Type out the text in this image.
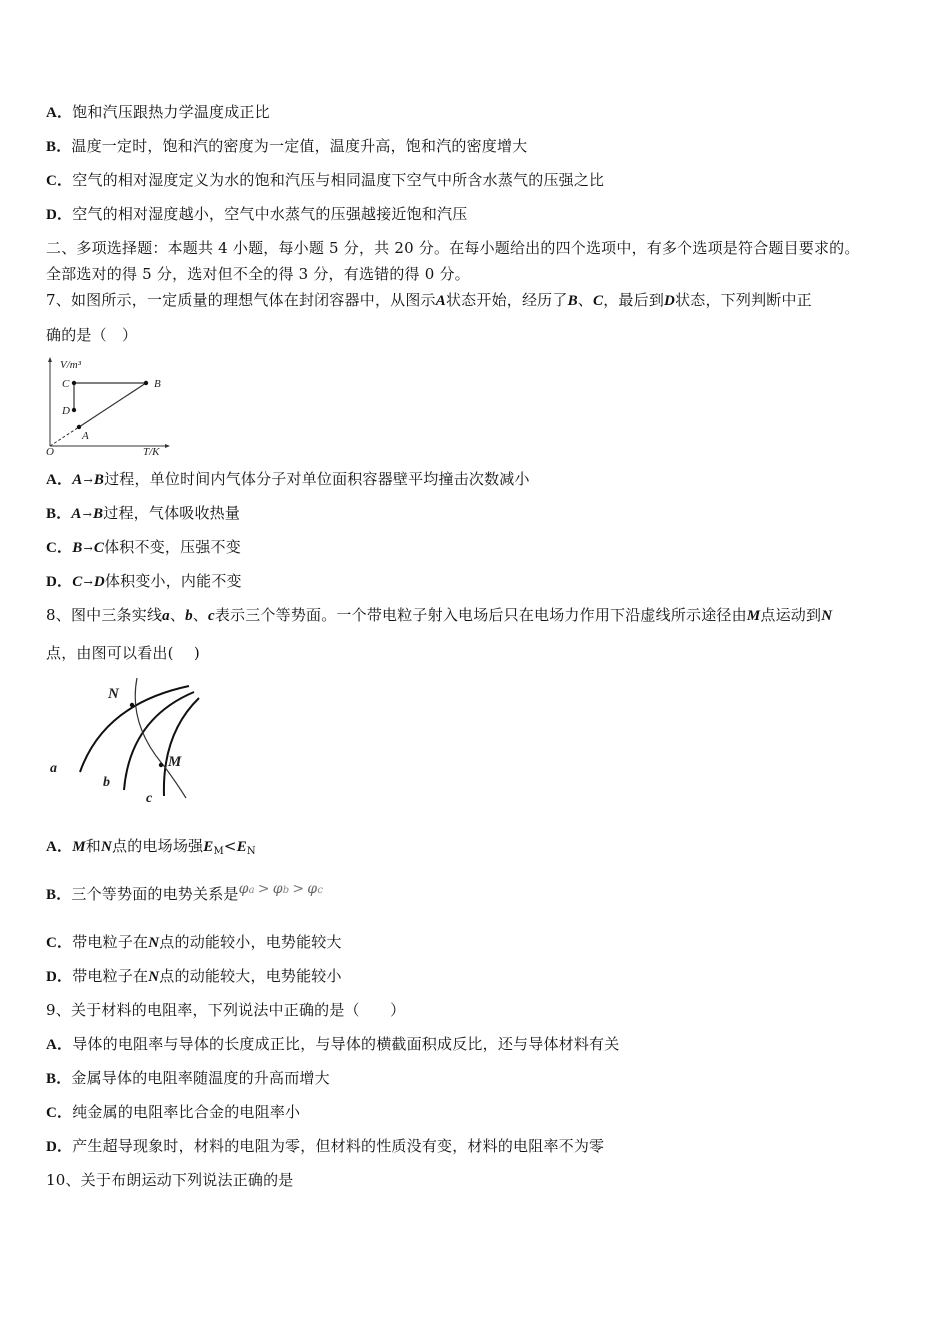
A．饱和汽压跟热力学温度成正比
B．温度一定时，饱和汽的密度为一定值，温度升高，饱和汽的密度增大
C．空气的相对湿度定义为水的饱和汽压与相同温度下空气中所含水蒸气的压强之比
D．空气的相对湿度越小，空气中水蒸气的压强越接近饱和汽压
二、多项选择题：本题共 4 小题，每小题 5 分，共 20 分。在每小题给出的四个选项中，有多个选项是符合题目要求的。
全部选对的得 5 分，选对但不全的得 3 分，有选错的得 0 分。
7、如图所示，一定质量的理想气体在封闭容器中，从图示A状态开始，经历了B、C，最后到D状态，下列判断中正
确的是（　）
V/m³
C
D
A
B
O	T/K
A．A→B过程，单位时间内气体分子对单位面积容器壁平均撞击次数减小
B．A→B过程，气体吸收热量
C．B→C体积不变，压强不变
D．C→D体积变小，内能不变
8、图中三条实线a、b、c表示三个等势面。一个带电粒子射入电场后只在电场力作用下沿虚线所示途径由M点运动到N
点，由图可以看出(　 )
N
M
a
b
c
A．M和N点的电场场强$E_M<E_N$
B．三个等势面的电势关系是$\varphi^a > \varphi^b > \varphi^c$
C．带电粒子在N点的动能较小，电势能较大
D．带电粒子在N点的动能较大，电势能较小
9、关于材料的电阻率，下列说法中正确的是（　　）
A．导体的电阻率与导体的长度成正比，与导体的横截面积成反比，还与导体材料有关
B．金属导体的电阻率随温度的升高而增大
C．纯金属的电阻率比合金的电阻率小
D．产生超导现象时，材料的电阻为零，但材料的性质没有变，材料的电阻率不为零
10、关于布朗运动下列说法正确的是
